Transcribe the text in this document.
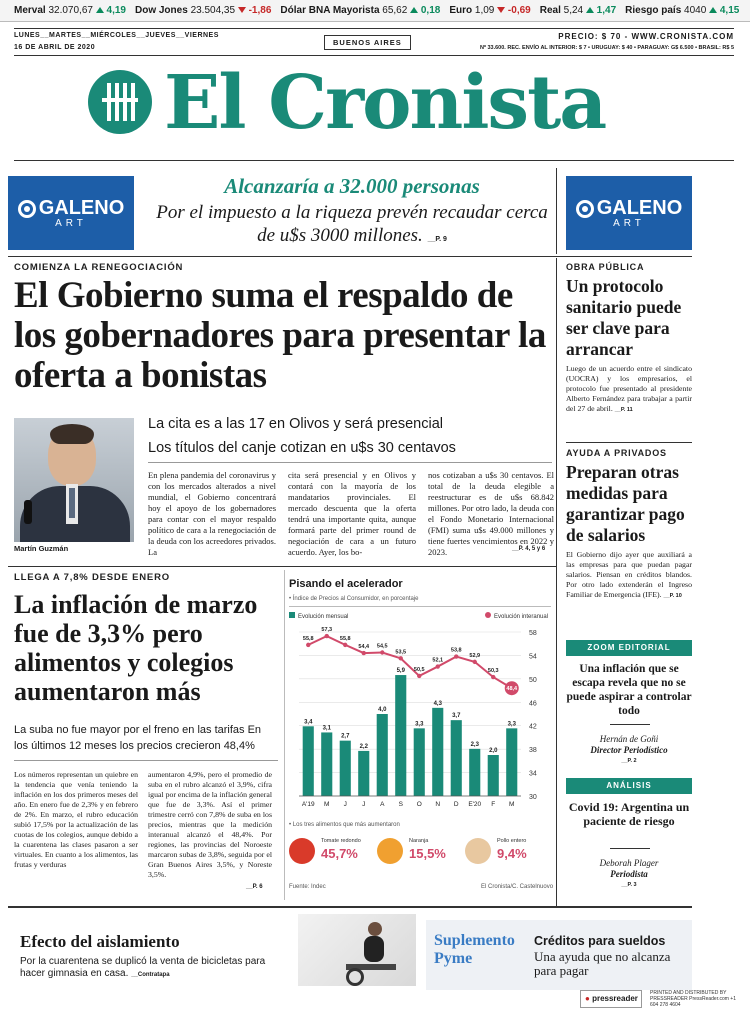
Merval 32.070,67  4,19 Dow Jones 23.504,35  -1,86 Dólar BNA Mayorista 65,62  0,18 Euro 1,09  -0,69 Real 5,24  1,47 Riesgo país 4040  4,15
LUNES__MARTES__MIÉRCOLES__JUEVES__VIERNES
16 DE ABRIL DE 2020
BUENOS AIRES
PRECIO: $ 70 - WWW.CRONISTA.COM
Nº 33.600. REC. ENVÍO AL INTERIOR: $ 7 • URUGUAY: $ 40 • PARAGUAY: G$ 6.500 • BRASIL: R$ 5
El Cronista
GALENO
ART
GALENO
ART
Alcanzaría a 32.000 personas
Por el impuesto a la riqueza prevén recaudar cerca de u$s 3000 millones. __P. 9
COMIENZA LA RENEGOCIACIÓN
El Gobierno suma el respaldo de los gobernadores para presentar la oferta a bonistas
Martín Guzmán
La cita es a las 17 en Olivos y será presencial
Los títulos del canje cotizan en u$s 30 centavos
En plena pandemia del coronavirus y con los mercados alterados a nivel mundial, el Gobierno concentrará hoy el apoyo de los gobernadores para contar con el mayor respaldo político de cara a la renegociación de la deuda con los acreedores privados. La
cita será presencial y en Olivos y contará con la mayoría de los mandatarios provinciales. El mercado descuenta que la oferta tendrá una importante quita, aunque formará parte del primer round de negociación de cara a un futuro acuerdo. Ayer, los bo-
nos cotizaban a u$s 30 centavos. El total de la deuda elegible a reestructurar es de u$s 68.842 millones. Por otro lado, la deuda con el Fondo Monetario Internacional (FMI) suma u$s 49.000 millones y tiene fuertes vencimientos en 2022 y 2023.	__P. 4, 5 y 6
LLEGA A 7,8% DESDE ENERO
La inflación de marzo fue de 3,3% pero alimentos y colegios aumentaron más
La suba no fue mayor por el freno en las tarifas En los últimos 12 meses los precios crecieron 48,4%
Los números representan un quiebre en la tendencia que venía teniendo la inflación en los dos primeros meses del año. En enero fue de 2,3% y en febrero de 2%. En marzo, el rubro educación subió 17,5% por la actualización de las cuotas de los colegios, aunque debido a la cuarentena las clases pasaron a ser virtuales. En cuanto a los alimentos, las frutas y verduras
aumentaron 4,9%, pero el promedio de suba en el rubro alcanzó el 3,9%, cifra igual por encima de la inflación general que fue de 3,3%. Así el primer trimestre cerró con 7,8% de suba en los precios, mientras que la medición interanual alcanzó el 48,4%. Por regiones, las provincias del Noroeste marcaron subas de 3,8%, seguida por el Gran Buenos Aires 3,5%, y Noreste 3,5%.
__P. 6
Pisando el acelerador
• Índice de Precios al Consumidor, en porcentaje
Evolución mensual	Evolución interanual
58
54
50
46
42
38
34
30
3,4
A'19
3,1
M
2,7
J
2,2
J
4,0
A
5,9
S
3,3
O
4,3
N
3,7
D
2,3
E'20
2,0
F
3,3
M
55,8
57,3
55,8
54,4 54,5
53,5
50,5
52,1
53,8
52,9
50,3
48,4
• Los tres alimentos que más aumentaron
Tomate redondo
45,7%
Naranja
15,5%
Pollo entero
9,4%
Fuente: Indec	El Cronista/C. Castelnuovo
OBRA PÚBLICA
Un protocolo sanitario puede ser clave para arrancar
Luego de un acuerdo entre el sindicato (UOCRA) y los empresarios, el protocolo fue presentado al presidente Alberto Fernández para trabajar a partir del 27 de abril. __P. 11
AYUDA A PRIVADOS
Preparan otras medidas para garantizar pago de salarios
El Gobierno dijo ayer que auxiliará a las empresas para que puedan pagar salarios. Piensan en créditos blandos. Por otro lado extenderán el Ingreso Familiar de Emergencia (IFE). __P. 10
ZOOM EDITORIAL
Una inflación que se escapa revela que no se puede aspirar a controlar todo
Hernán de Goñi
Director Periodístico
__P. 2
ANÁLISIS
Covid 19: Argentina un paciente de riesgo
Deborah Plager
Periodista
__P. 3
Efecto del aislamiento
Por la cuarentena se duplicó la venta de bicicletas para hacer gimnasia en casa. __Contratapa
Suplemento
Pyme
Créditos para sueldos
Una ayuda que no alcanza para pagar
● pressreader
PRINTED AND DISTRIBUTED BY PRESSREADER PressReader.com +1 604 278 4604
